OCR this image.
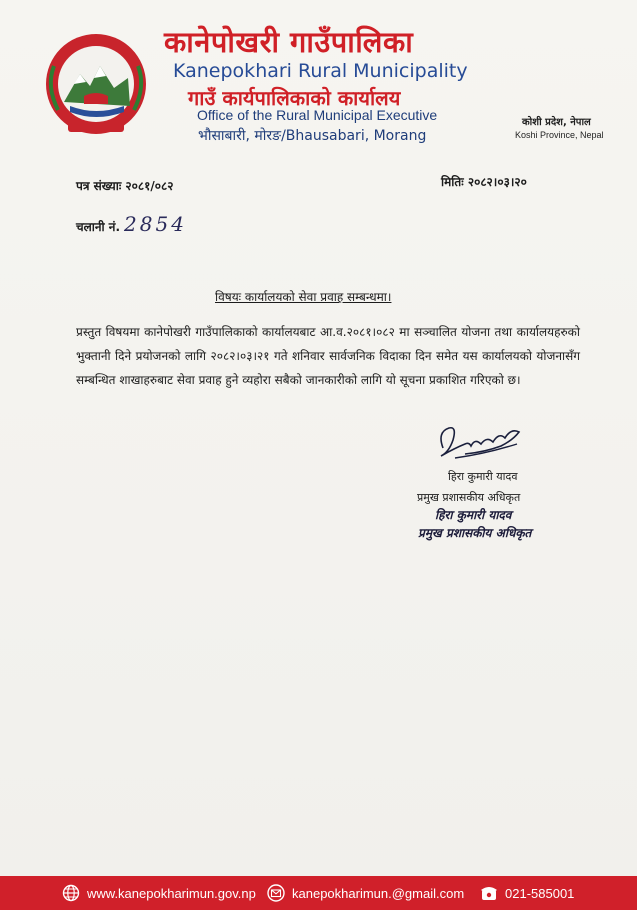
कानेपोखरी गाउँपालिका
Kanepokhari Rural Municipality
गाउँ कार्यपालिकाको कार्यालय
Office of the Rural Municipal Executive
भौसाबारी, मोरङ/Bhausabari, Morang
कोशी प्रदेश, नेपाल
Koshi Province, Nepal
पत्र संख्याः २०८१/०८२	मितिः २०८२।०३।२०
चलानी नं. 2854
विषयः कार्यालयको सेवा प्रवाह सम्बन्धमा।
प्रस्तुत विषयमा कानेपोखरी गाउँपालिकाको कार्यालयबाट आ.व.२०८१।०८२ मा सञ्चालित योजना तथा कार्यालयहरुको भुक्तानी दिने प्रयोजनको लागि २०८२।०३।२१ गते शनिवार सार्वजनिक विदाका दिन समेत यस कार्यालयको योजनासँग सम्बन्धित शाखाहरुबाट सेवा प्रवाह हुने व्यहोरा सबैको जानकारीको लागि यो सूचना प्रकाशित गरिएको छ।
हिरा कुमारी यादव
प्रमुख प्रशासकीय अधिकृत
हिरा कुमारी यादव
प्रमुख प्रशासकीय अधिकृत
www.kanepokharimun.gov.np	kanepokharimun.@gmail.com	021-585001
